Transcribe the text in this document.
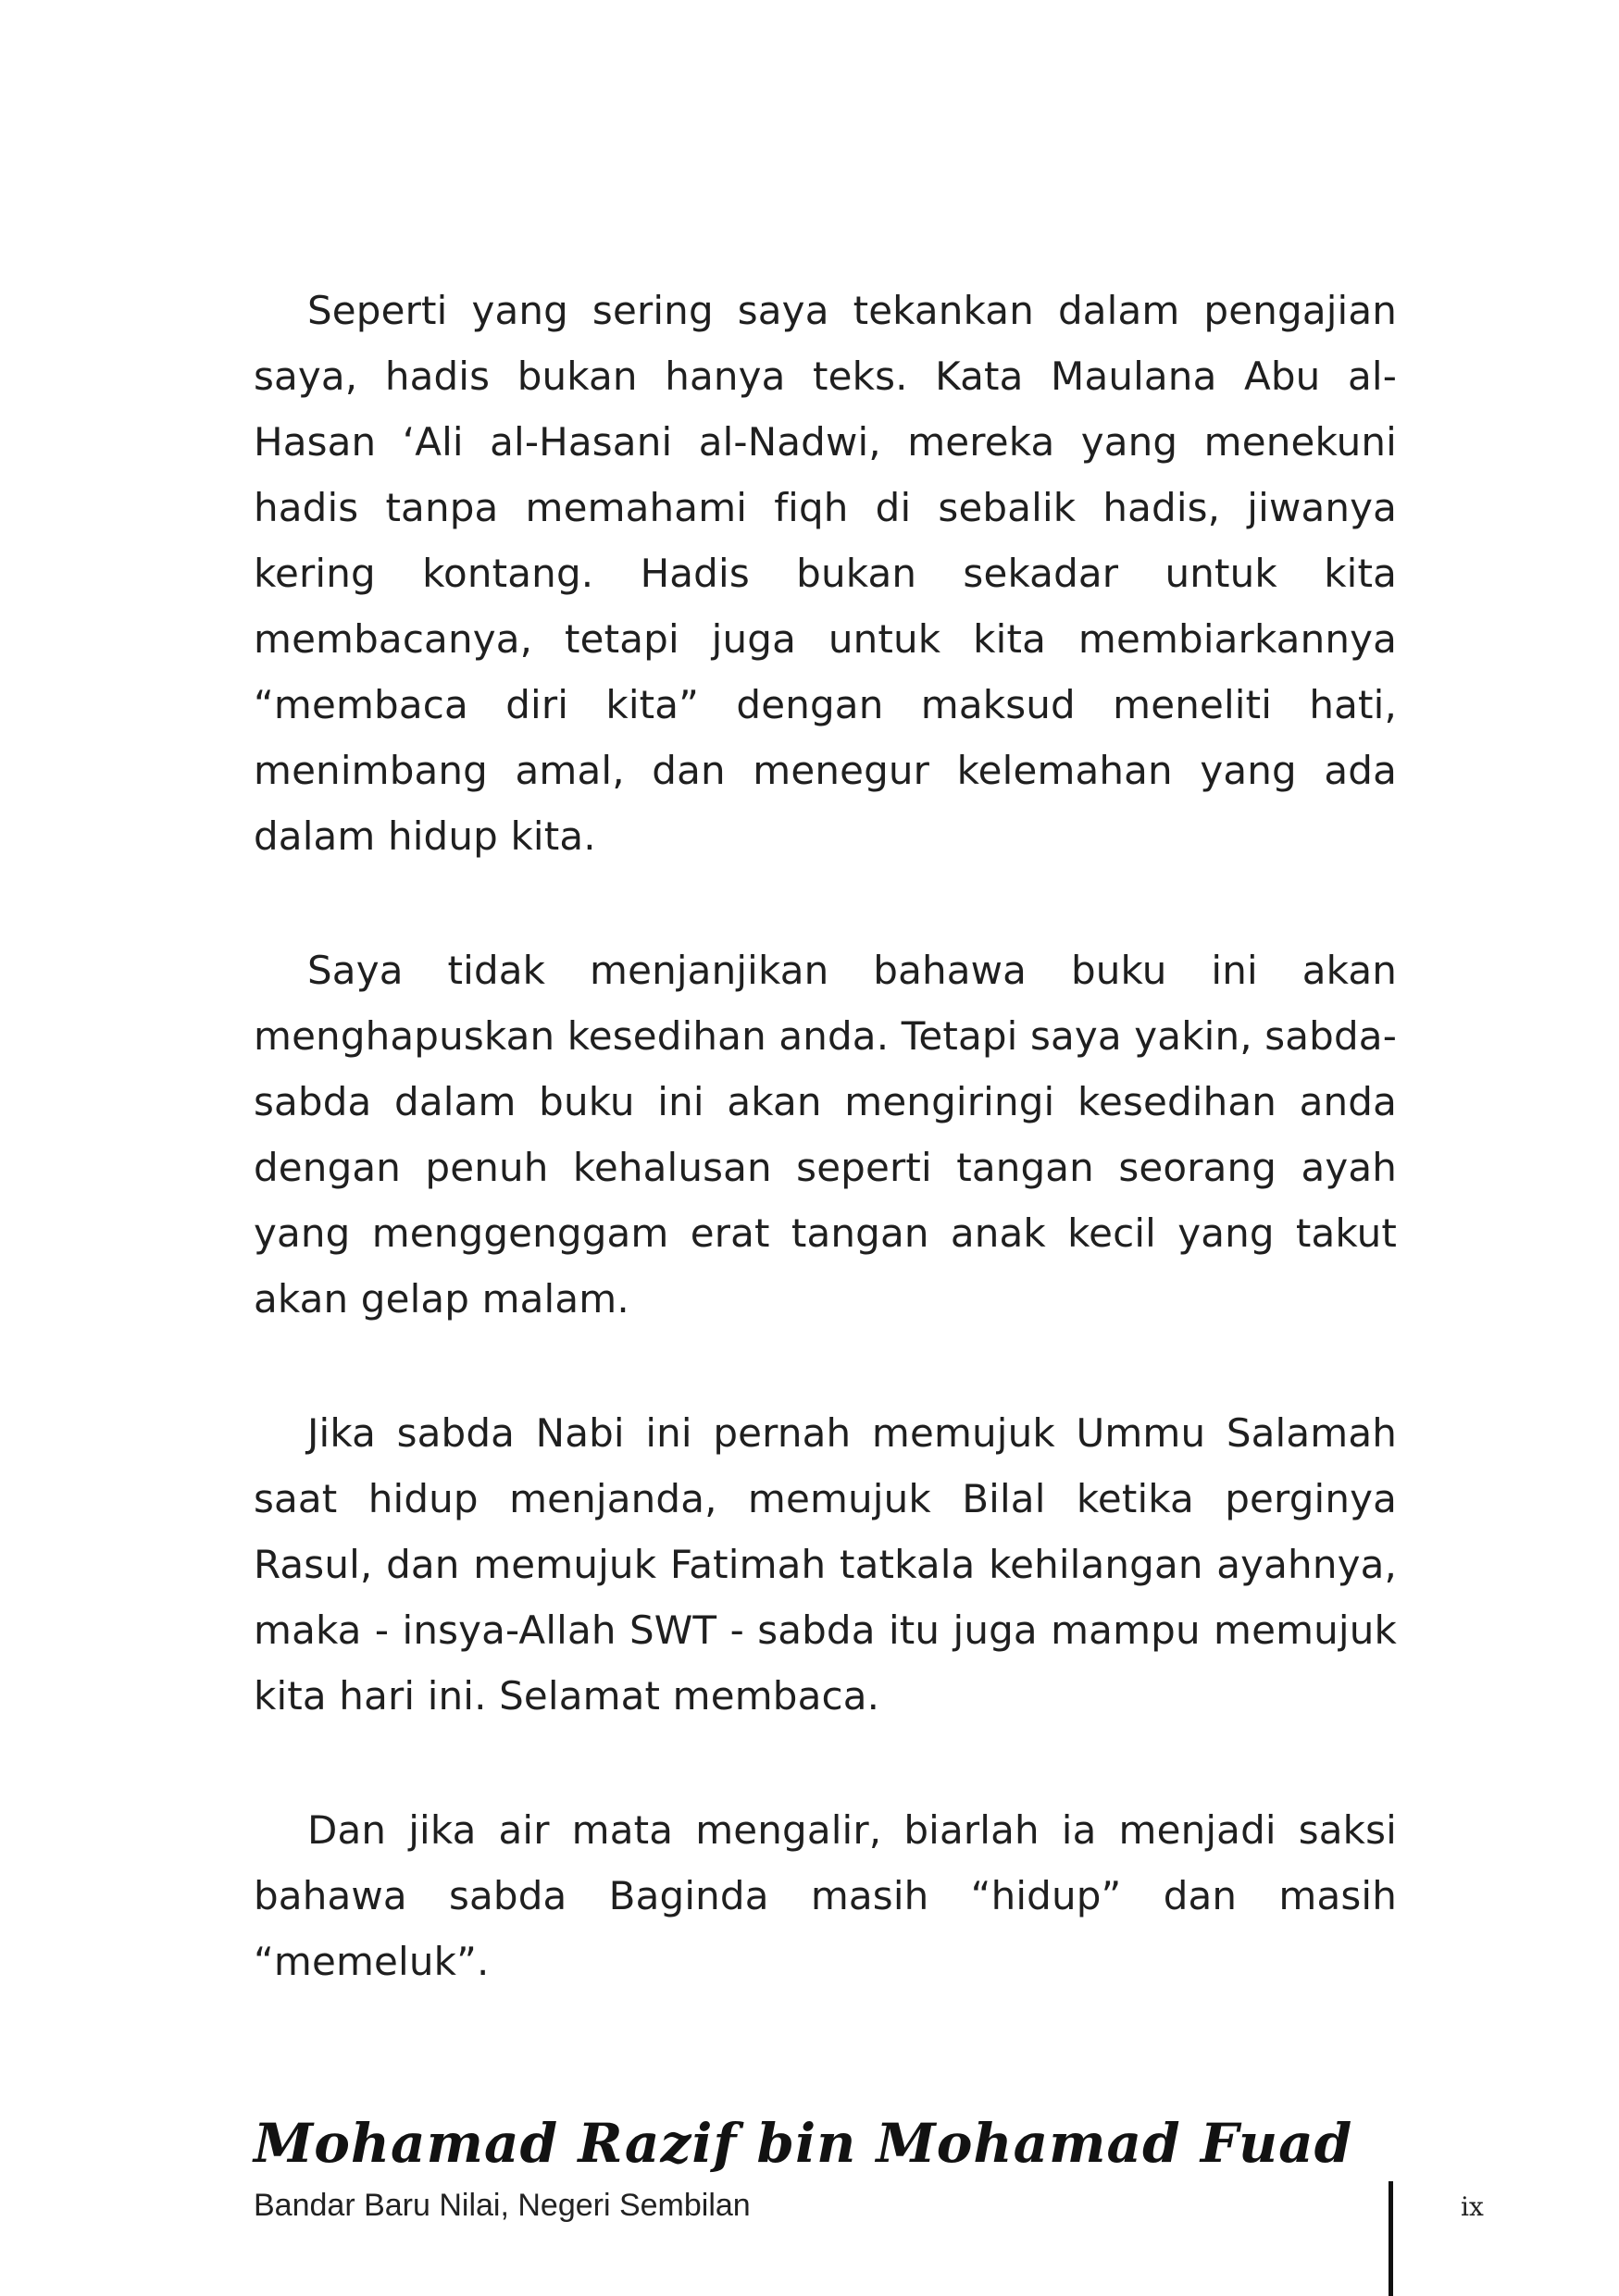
Seperti yang sering saya tekankan dalam pengajian saya, hadis bukan hanya teks. Kata Maulana Abu al-Hasan ‘Ali al-Hasani al-Nadwi, mereka yang menekuni hadis tanpa memahami fiqh di sebalik hadis, jiwanya kering kontang. Hadis bukan sekadar untuk kita membacanya, tetapi juga untuk kita membiarkannya “membaca diri kita” dengan maksud meneliti hati, menimbang amal, dan menegur kelemahan yang ada dalam hidup kita.

Saya tidak menjanjikan bahawa buku ini akan menghapuskan kesedihan anda. Tetapi saya yakin, sabda-sabda dalam buku ini akan mengiringi kesedihan anda dengan penuh kehalusan seperti tangan seorang ayah yang menggenggam erat tangan anak kecil yang takut akan gelap malam.

Jika sabda Nabi ini pernah memujuk Ummu Salamah saat hidup menjanda, memujuk Bilal ketika perginya Rasul, dan memujuk Fatimah tatkala kehilangan ayahnya, maka - insya-Allah SWT - sabda itu juga mampu memujuk kita hari ini. Selamat membaca.

Dan jika air mata mengalir, biarlah ia menjadi saksi bahawa sabda Baginda masih “hidup” dan masih “memeluk”.

Mohamad Razif bin Mohamad Fuad
Bandar Baru Nilai, Negeri Sembilan	ix
